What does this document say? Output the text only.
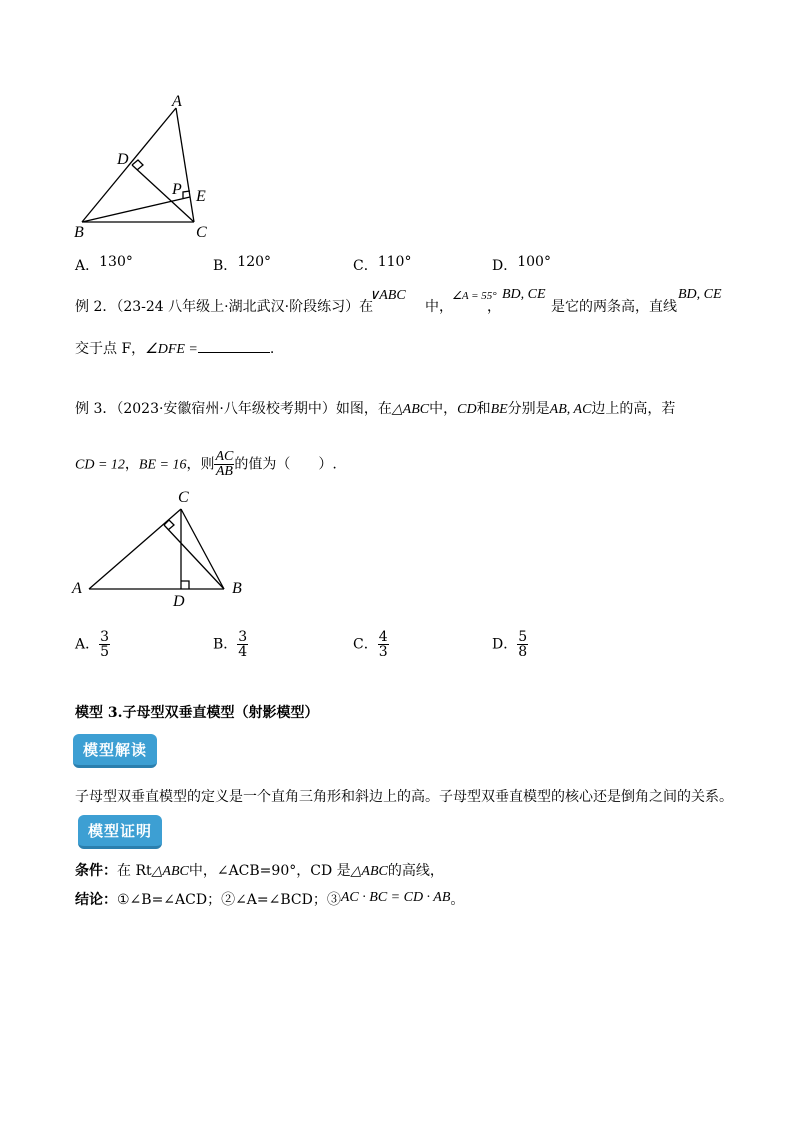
A
D
P E
B	C
A．130°	B．120°	C．110°	D．100°
例 2．（23-24 八年级上·湖北武汉·阶段练习）在
∨ABC
中，
∠A = 55°
，
BD, CE
是它的两条高，直线
BD, CE
交于点 F，∠DFE =	.
例 3．（2023·安徽宿州·八年级校考期中）如图，在△ABC中，CD和BE分别是AB, AC边上的高，若
CD = 12，BE = 16，则 $\frac{AC}{AB}$ 的值为（　　）.
C
A	B
D
A． $\frac{3}{5}$	B． $\frac{3}{4}$	C． $\frac{4}{3}$	D． $\frac{5}{8}$
模型 3.子母型双垂直模型（射影模型）
模型解读
子母型双垂直模型的定义是一个直角三角形和斜边上的高。子母型双垂直模型的核心还是倒角之间的关系。
模型证明
条件：在 Rt△ABC中，∠ACB=90°，CD 是△ABC的高线，
结论：①∠B=∠ACD；②∠A=∠BCD；③AC · BC = CD · AB。
